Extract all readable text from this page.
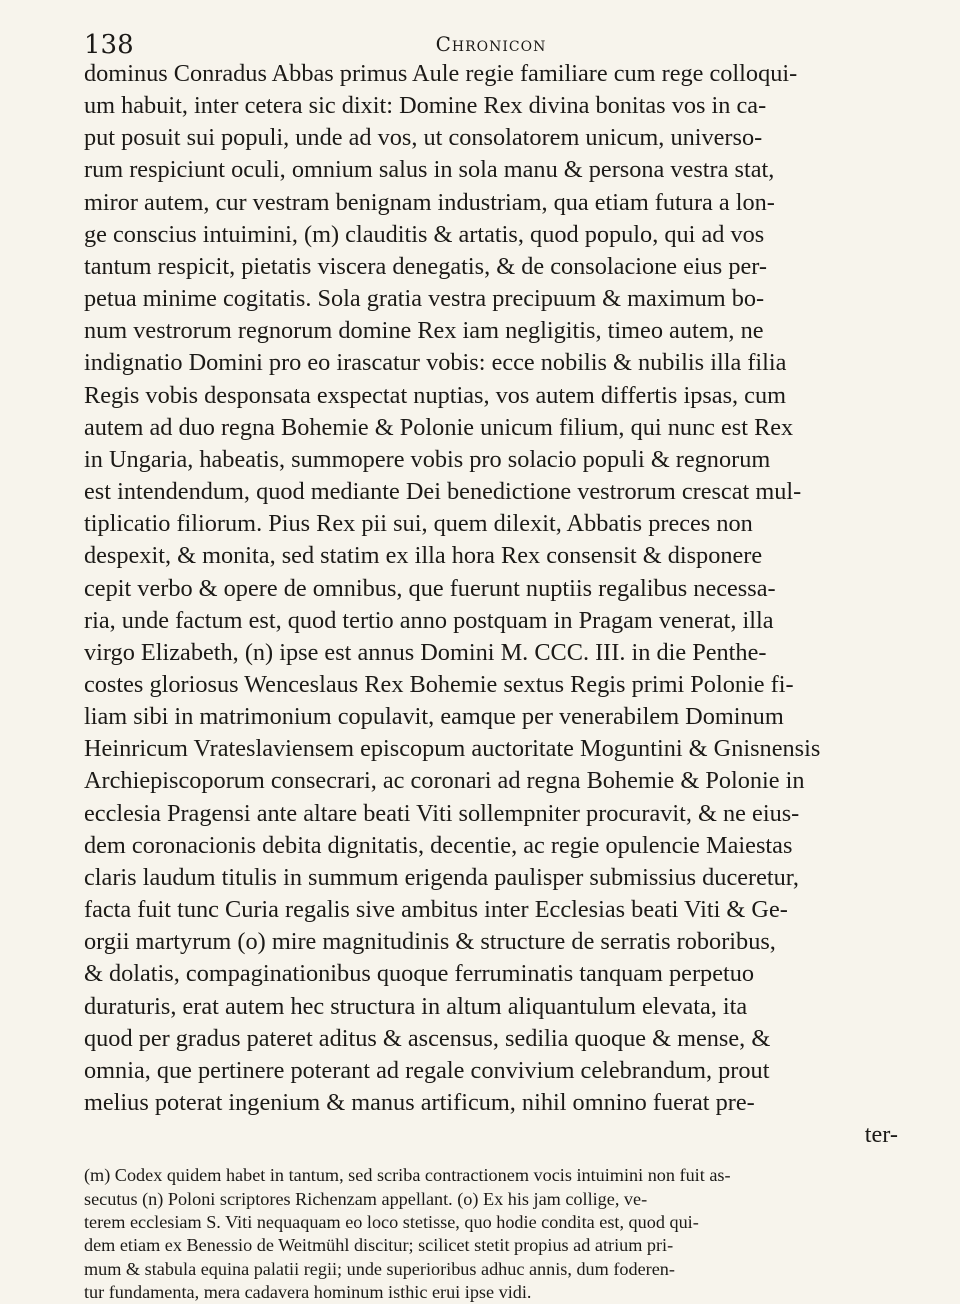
138	Chronicon
dominus Conradus Abbas primus Aule regie familiare cum rege colloqui-
um habuit, inter cetera sic dixit: Domine Rex divina bonitas vos in ca-
put posuit sui populi, unde ad vos, ut consolatorem unicum, universo-
rum respiciunt oculi, omnium salus in sola manu & persona vestra stat,
miror autem, cur vestram benignam industriam, qua etiam futura a lon-
ge conscius intuimini, (m) clauditis & artatis, quod populo, qui ad vos
tantum respicit, pietatis viscera denegatis, & de consolacione eius per-
petua minime cogitatis. Sola gratia vestra precipuum & maximum bo-
num vestrorum regnorum domine Rex iam negligitis, timeo autem, ne
indignatio Domini pro eo irascatur vobis: ecce nobilis & nubilis illa filia
Regis vobis desponsata exspectat nuptias, vos autem differtis ipsas, cum
autem ad duo regna Bohemie & Polonie unicum filium, qui nunc est Rex
in Ungaria, habeatis, summopere vobis pro solacio populi & regnorum
est intendendum, quod mediante Dei benedictione vestrorum crescat mul-
tiplicatio filiorum. Pius Rex pii sui, quem dilexit, Abbatis preces non
despexit, & monita, sed statim ex illa hora Rex consensit & disponere
cepit verbo & opere de omnibus, que fuerunt nuptiis regalibus necessa-
ria, unde factum est, quod tertio anno postquam in Pragam venerat, illa
virgo Elizabeth, (n) ipse est annus Domini M. CCC. III. in die Penthe-
costes gloriosus Wenceslaus Rex Bohemie sextus Regis primi Polonie fi-
liam sibi in matrimonium copulavit, eamque per venerabilem Dominum
Heinricum Vrateslaviensem episcopum auctoritate Moguntini & Gnisnensis
Archiepiscoporum consecrari, ac coronari ad regna Bohemie & Polonie in
ecclesia Pragensi ante altare beati Viti sollempniter procuravit, & ne eius-
dem coronacionis debita dignitatis, decentie, ac regie opulencie Maiestas
claris laudum titulis in summum erigenda paulisper submissius duceretur,
facta fuit tunc Curia regalis sive ambitus inter Ecclesias beati Viti & Ge-
orgii martyrum (o) mire magnitudinis & structure de serratis roboribus,
& dolatis, compaginationibus quoque ferruminatis tanquam perpetuo
duraturis, erat autem hec structura in altum aliquantulum elevata, ita
quod per gradus pateret aditus & ascensus, sedilia quoque & mense, &
omnia, que pertinere poterant ad regale convivium celebrandum, prout
melius poterat ingenium & manus artificum, nihil omnino fuerat pre-
ter-
(m) Codex quidem habet in tantum, sed scriba contractionem vocis intuimini non fuit as-
secutus (n) Poloni scriptores Richenzam appellant. (o) Ex his jam collige, ve-
terem ecclesiam S. Viti nequaquam eo loco stetisse, quo hodie condita est, quod qui-
dem etiam ex Benessio de Weitmühl discitur; scilicet stetit propius ad atrium pri-
mum & stabula equina palatii regii; unde superioribus adhuc annis, dum foderen-
tur fundamenta, mera cadavera hominum isthic erui ipse vidi.
